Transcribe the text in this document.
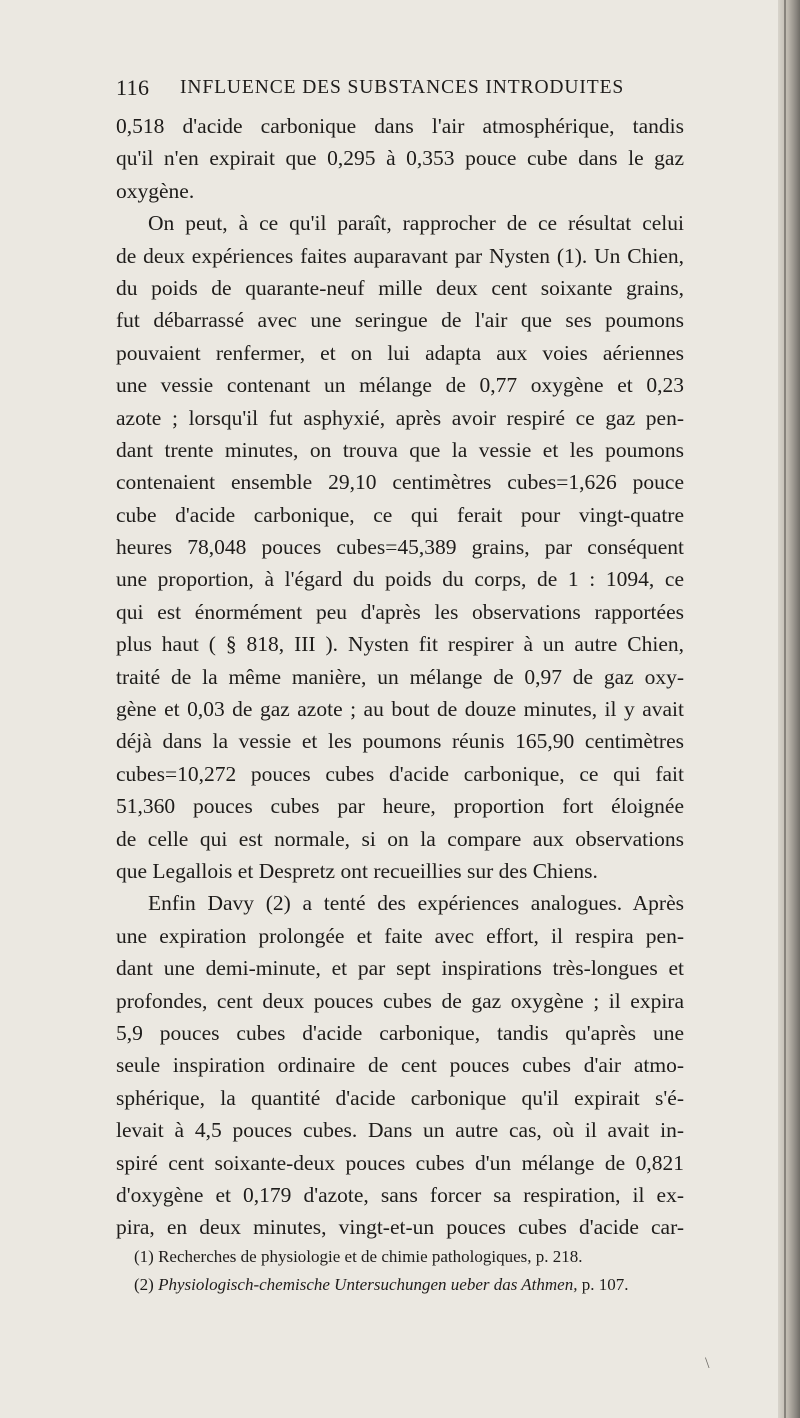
116 INFLUENCE DES SUBSTANCES INTRODUITES
0,518 d'acide carbonique dans l'air atmosphérique, tandis
qu'il n'en expirait que 0,295 à 0,353 pouce cube dans le gaz
oxygène.
On peut, à ce qu'il paraît, rapprocher de ce résultat celui
de deux expériences faites auparavant par Nysten (1). Un Chien,
du poids de quarante-neuf mille deux cent soixante grains,
fut débarrassé avec une seringue de l'air que ses poumons
pouvaient renfermer, et on lui adapta aux voies aériennes
une vessie contenant un mélange de 0,77 oxygène et 0,23
azote ; lorsqu'il fut asphyxié, après avoir respiré ce gaz pen-
dant trente minutes, on trouva que la vessie et les poumons
contenaient ensemble 29,10 centimètres cubes=1,626 pouce
cube d'acide carbonique, ce qui ferait pour vingt-quatre
heures 78,048 pouces cubes=45,389 grains, par conséquent
une proportion, à l'égard du poids du corps, de 1 : 1094, ce
qui est énormément peu d'après les observations rapportées
plus haut ( § 818, III ). Nysten fit respirer à un autre Chien,
traité de la même manière, un mélange de 0,97 de gaz oxy-
gène et 0,03 de gaz azote ; au bout de douze minutes, il y avait
déjà dans la vessie et les poumons réunis 165,90 centimètres
cubes=10,272 pouces cubes d'acide carbonique, ce qui fait
51,360 pouces cubes par heure, proportion fort éloignée
de celle qui est normale, si on la compare aux observations
que Legallois et Despretz ont recueillies sur des Chiens.
Enfin Davy (2) a tenté des expériences analogues. Après
une expiration prolongée et faite avec effort, il respira pen-
dant une demi-minute, et par sept inspirations très-longues et
profondes, cent deux pouces cubes de gaz oxygène ; il expira
5,9 pouces cubes d'acide carbonique, tandis qu'après une
seule inspiration ordinaire de cent pouces cubes d'air atmo-
sphérique, la quantité d'acide carbonique qu'il expirait s'é-
levait à 4,5 pouces cubes. Dans un autre cas, où il avait in-
spiré cent soixante-deux pouces cubes d'un mélange de 0,821
d'oxygène et 0,179 d'azote, sans forcer sa respiration, il ex-
pira, en deux minutes, vingt-et-un pouces cubes d'acide car-
(1) Recherches de physiologie et de chimie pathologiques, p. 218.
(2) Physiologisch-chemische Untersuchungen ueber das Athmen, p. 107.
\
